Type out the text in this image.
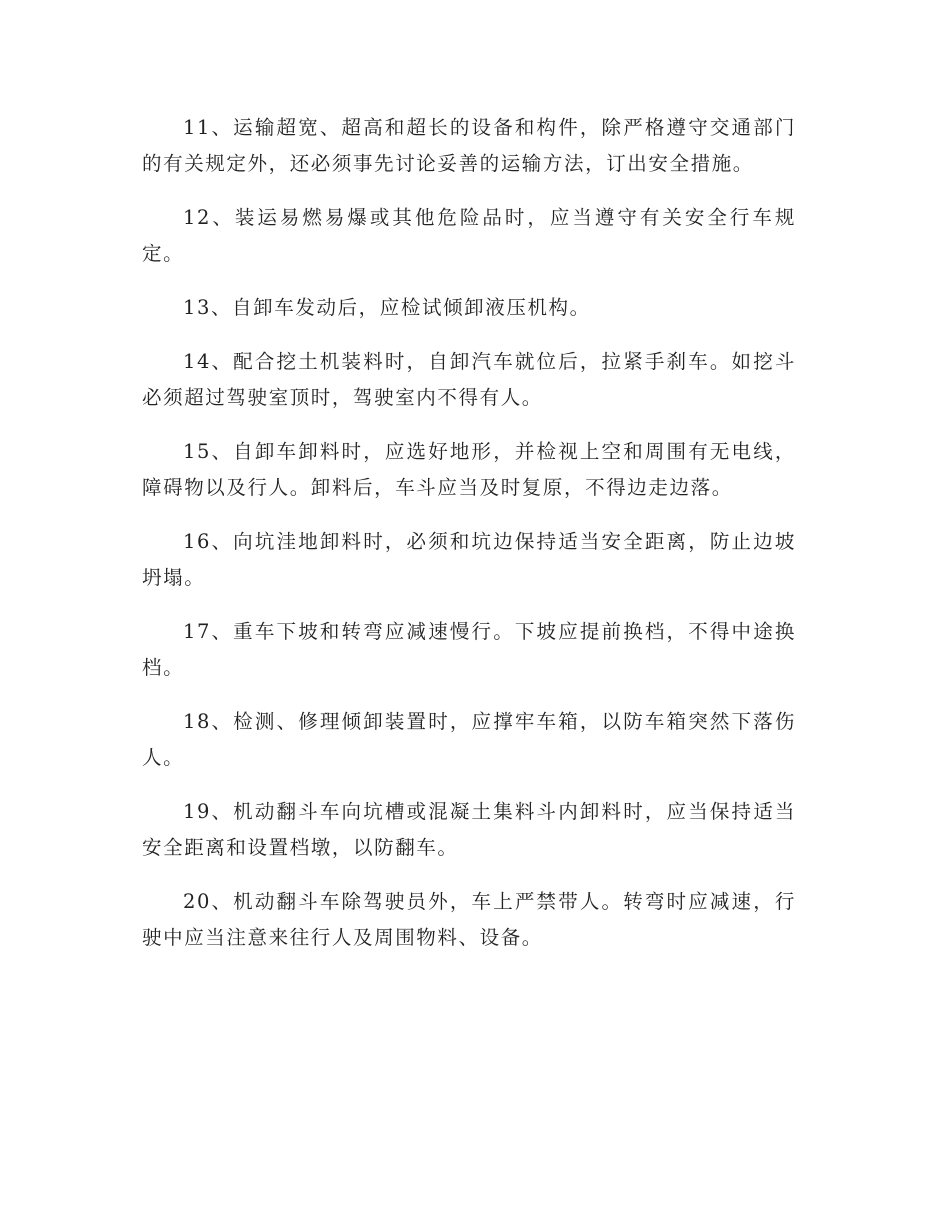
11、运输超宽、超高和超长的设备和构件，除严格遵守交通部门的有关规定外，还必须事先讨论妥善的运输方法，订出安全措施。

12、装运易燃易爆或其他危险品时，应当遵守有关安全行车规定。

13、自卸车发动后，应检试倾卸液压机构。

14、配合挖土机装料时，自卸汽车就位后，拉紧手刹车。如挖斗必须超过驾驶室顶时，驾驶室内不得有人。

15、自卸车卸料时，应选好地形，并检视上空和周围有无电线，障碍物以及行人。卸料后，车斗应当及时复原，不得边走边落。

16、向坑洼地卸料时，必须和坑边保持适当安全距离，防止边坡坍塌。

17、重车下坡和转弯应减速慢行。下坡应提前换档，不得中途换档。

18、检测、修理倾卸装置时，应撑牢车箱，以防车箱突然下落伤人。

19、机动翻斗车向坑槽或混凝土集料斗内卸料时，应当保持适当安全距离和设置档墩，以防翻车。

20、机动翻斗车除驾驶员外，车上严禁带人。转弯时应减速，行驶中应当注意来往行人及周围物料、设备。
